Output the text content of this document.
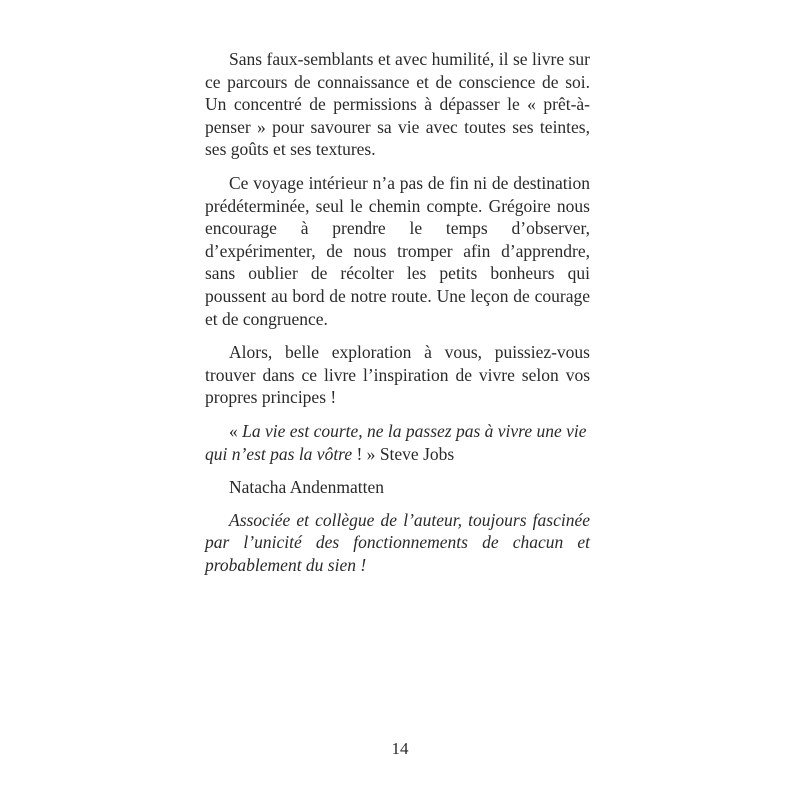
Sans faux-semblants et avec humilité, il se livre sur ce parcours de connaissance et de conscience de soi. Un concentré de permissions à dépasser le « prêt-à-penser » pour savourer sa vie avec toutes ses teintes, ses goûts et ses textures.

Ce voyage intérieur n’a pas de fin ni de destination prédéterminée, seul le chemin compte. Grégoire nous encourage à prendre le temps d’observer, d’expérimenter, de nous tromper afin d’apprendre, sans oublier de récolter les petits bonheurs qui poussent au bord de notre route. Une leçon de courage et de congruence.

Alors, belle exploration à vous, puissiez-vous trouver dans ce livre l’inspiration de vivre selon vos propres principes !

« La vie est courte, ne la passez pas à vivre une vie qui n’est pas la vôtre ! » Steve Jobs

Natacha Andenmatten

Associée et collègue de l’auteur, toujours fascinée par l’unicité des fonctionnements de chacun et probablement du sien !

14
